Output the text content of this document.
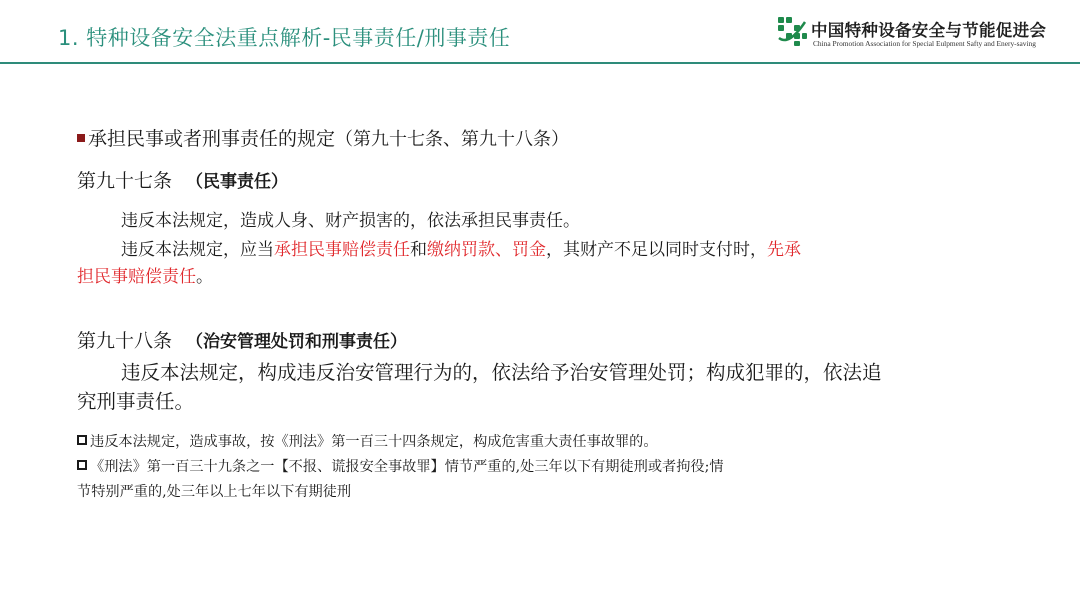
1. 特种设备安全法重点解析-民事责任/刑事责任	中国特种设备安全与节能促进会
China Promotion Association for Special Eulpment Safty and Enery-saving
承担民事或者刑事责任的规定（第九十七条、第九十八条）
第九十七条 （民事责任）
违反本法规定，造成人身、财产损害的，依法承担民事责任。
违反本法规定，应当承担民事赔偿责任和缴纳罚款、罚金，其财产不足以同时支付时，先承
担民事赔偿责任。
第九十八条 （治安管理处罚和刑事责任）
违反本法规定，构成违反治安管理行为的，依法给予治安管理处罚；构成犯罪的，依法追
究刑事责任。
违反本法规定，造成事故，按《刑法》第一百三十四条规定，构成危害重大责任事故罪的。
《刑法》第一百三十九条之一【不报、谎报安全事故罪】情节严重的,处三年以下有期徒刑或者拘役;情
节特别严重的,处三年以上七年以下有期徒刑
